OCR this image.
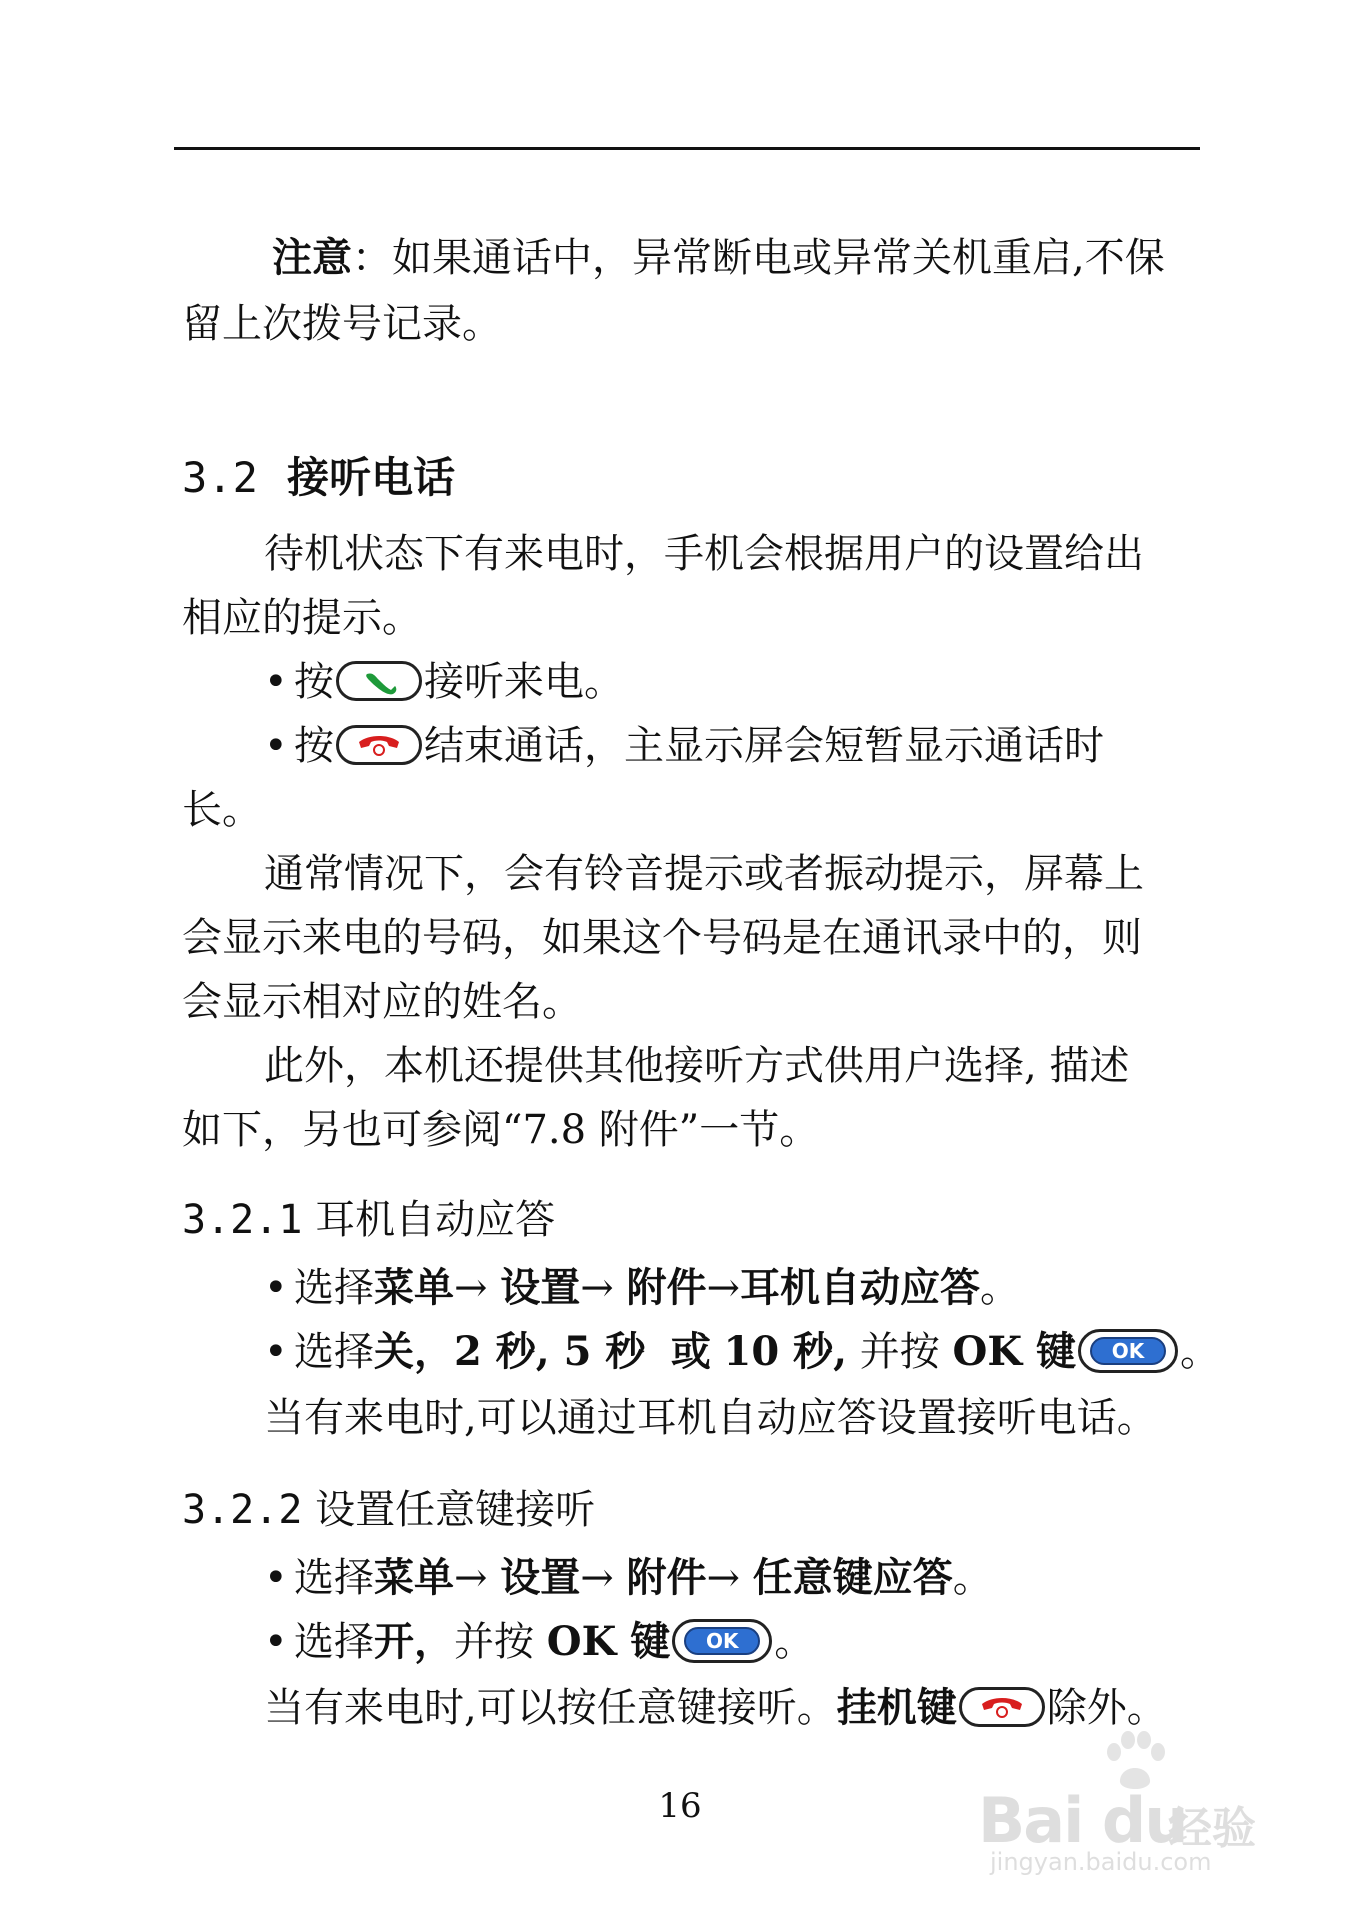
注意：如果通话中，异常断电或异常关机重启,不保
留上次拨号记录。
3.2 接听电话
待机状态下有来电时，手机会根据用户的设置给出
相应的提示。
• 按 接听来电。
• 按 结束通话，主显示屏会短暂显示通话时
长。
通常情况下，会有铃音提示或者振动提示，屏幕上
会显示来电的号码，如果这个号码是在通讯录中的，则
会显示相对应的姓名。
此外，本机还提供其他接听方式供用户选择, 描述
如下，另也可参阅“7.8 附件”一节。
3.2.1 耳机自动应答
• 选择菜单→ 设置→ 附件→耳机自动应答。
• 选择关，2 秒, 5 秒 或 10 秒, 并按 OK 键	OK 。
当有来电时,可以通过耳机自动应答设置接听电话。
3.2.2 设置任意键接听
• 选择菜单→ 设置→ 附件→ 任意键应答。
• 选择开，并按 OK 键	OK 。
当有来电时,可以按任意键接听。挂机键 除外。
16	Bai du
经验
jingyan.baidu.com
